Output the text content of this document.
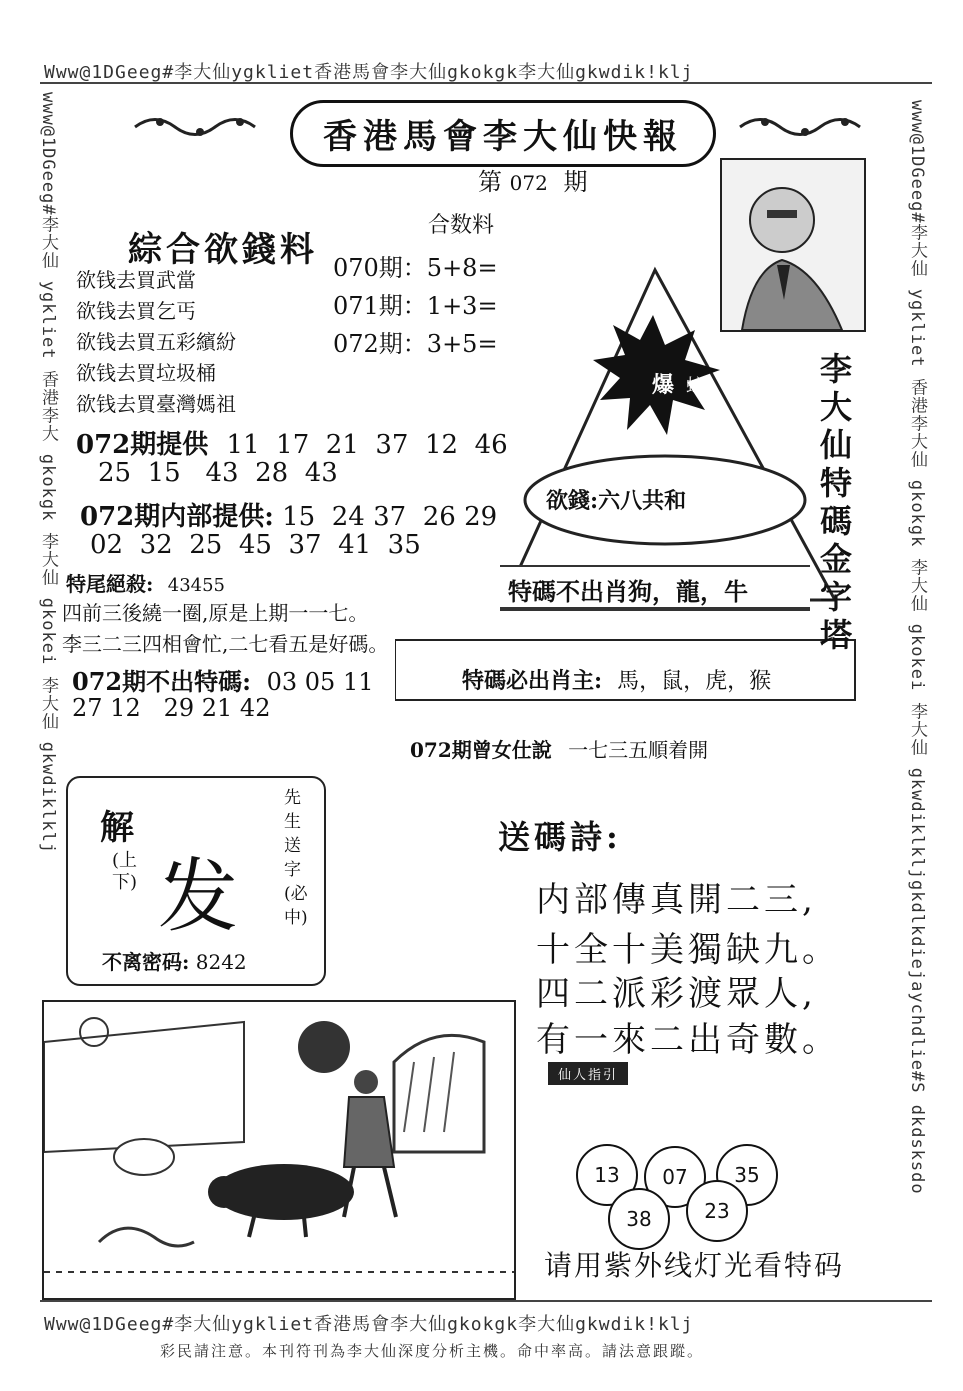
Www@1DGeeg#李大仙ygkliet香港馬會李大仙gkokgk李大仙gkwdik!klj
www@1DGeeg#李大仙 ygkliet 香港李大 gkokgk 李大仙 gkokei 李大仙 gkwdiklklj	www@1DGeeg#李大仙 ygkliet 香港李大仙 gkokgk 李大仙 gkokei 李大仙 gkwdiklkljgkdlkdiejaychdlie#S dkdsksdo
香港馬會李大仙快報
第 072 期
合数料
070期：5+8=
071期：1+3=
072期：3+5=
綜合欲錢料
欲钱去買武當
欲钱去買乞丐
欲钱去買五彩繽紛
欲钱去買垃圾桶
欲钱去買臺灣媽祖
072期提供 11  17  21  37  12  46
25  15   43  28  43
072期内部提供: 15  24 37  26 29
02  32  25  45  37  41  35
特尾絕殺: 43455
四前三後繞一圈,原是上期一一七。
李三二三四相會忙,二七看五是好碼。
072期不出特碼: 03 05 11
27 12   29 21 42
爆 蛇	李大仙特碼金字塔
欲錢:六八共和
特碼不出肖狗，龍，牛
特碼必出肖主: 馬，鼠，虎，猴
072期曾女仕說 一七三五順着開
解
(上下) 发
先生送字(必中)
不离密码: 8242
送碼詩:
内部傳真開二三,
十全十美獨缺九。
四二派彩渡眾人,
有一來二出奇數。
仙人指引
13	07	35
38	23
请用紫外线灯光看特码
Www@1DGeeg#李大仙ygkliet香港馬會李大仙gkokgk李大仙gkwdik!klj
彩民請注意。本刊符刊為李大仙深度分析主機。命中率高。請法意跟蹤。
